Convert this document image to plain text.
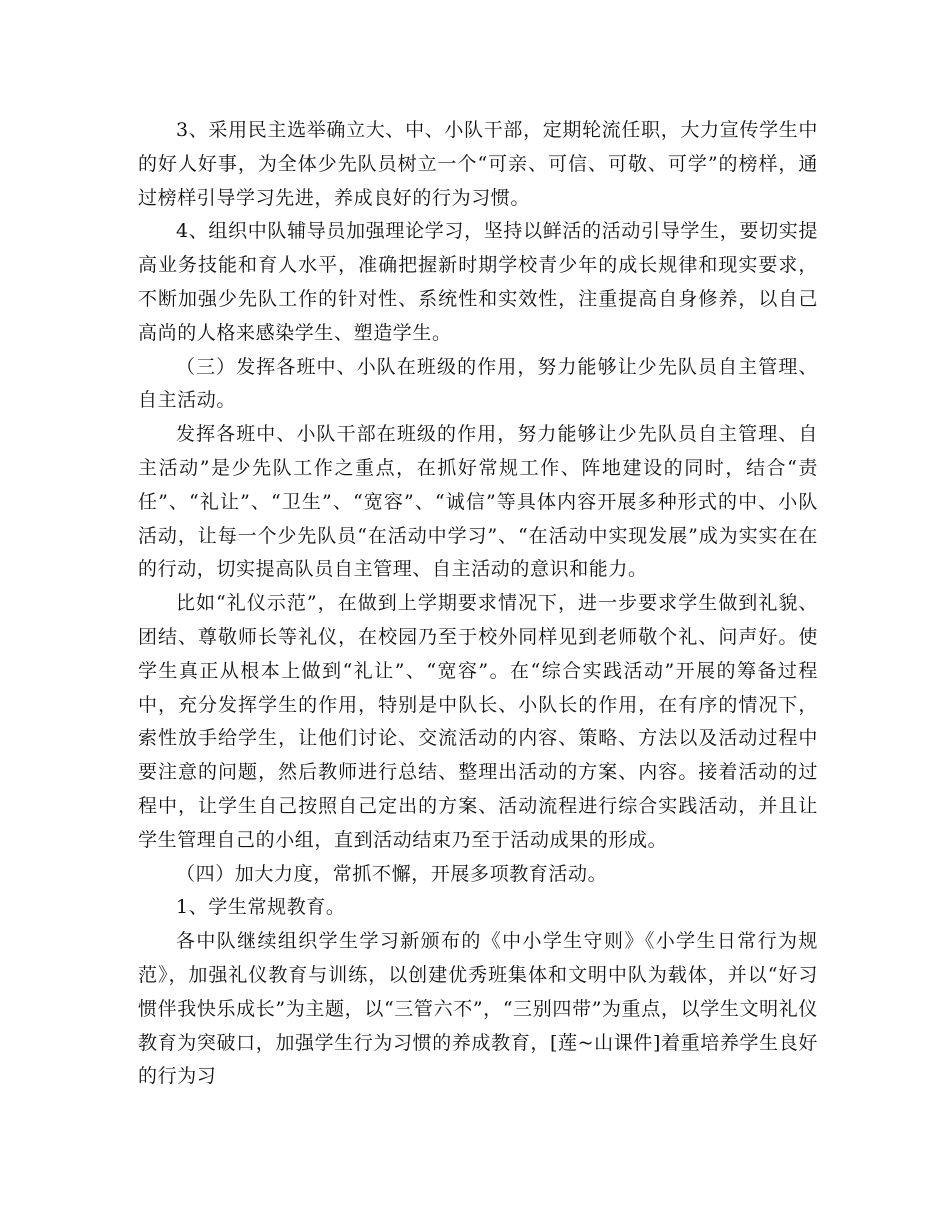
3、采用民主选举确立大、中、小队干部，定期轮流任职，大力宣传学生中的好人好事，为全体少先队员树立一个“可亲、可信、可敬、可学”的榜样，通过榜样引导学习先进，养成良好的行为习惯。

4、组织中队辅导员加强理论学习，坚持以鲜活的活动引导学生，要切实提高业务技能和育人水平，准确把握新时期学校青少年的成长规律和现实要求，不断加强少先队工作的针对性、系统性和实效性，注重提高自身修养，以自己高尚的人格来感染学生、塑造学生。

（三）发挥各班中、小队在班级的作用，努力能够让少先队员自主管理、自主活动。

发挥各班中、小队干部在班级的作用，努力能够让少先队员自主管理、自主活动”是少先队工作之重点，在抓好常规工作、阵地建设的同时，结合“责任”、“礼让”、“卫生”、“宽容”、“诚信”等具体内容开展多种形式的中、小队活动，让每一个少先队员“在活动中学习”、“在活动中实现发展”成为实实在在的行动，切实提高队员自主管理、自主活动的意识和能力。

比如“礼仪示范”，在做到上学期要求情况下，进一步要求学生做到礼貌、团结、尊敬师长等礼仪，在校园乃至于校外同样见到老师敬个礼、问声好。使学生真正从根本上做到“礼让”、“宽容”。在“综合实践活动”开展的筹备过程中，充分发挥学生的作用，特别是中队长、小队长的作用，在有序的情况下，索性放手给学生，让他们讨论、交流活动的内容、策略、方法以及活动过程中要注意的问题，然后教师进行总结、整理出活动的方案、内容。接着活动的过程中，让学生自己按照自己定出的方案、活动流程进行综合实践活动，并且让学生管理自己的小组，直到活动结束乃至于活动成果的形成。

（四）加大力度，常抓不懈，开展多项教育活动。

1、学生常规教育。

各中队继续组织学生学习新颁布的《中小学生守则》《小学生日常行为规范》，加强礼仪教育与训练，以创建优秀班集体和文明中队为载体，并以“好习惯伴我快乐成长”为主题，以“三管六不”，“三别四带”为重点，以学生文明礼仪教育为突破口，加强学生行为习惯的养成教育，[莲~山课件]着重培养学生良好的行为习
